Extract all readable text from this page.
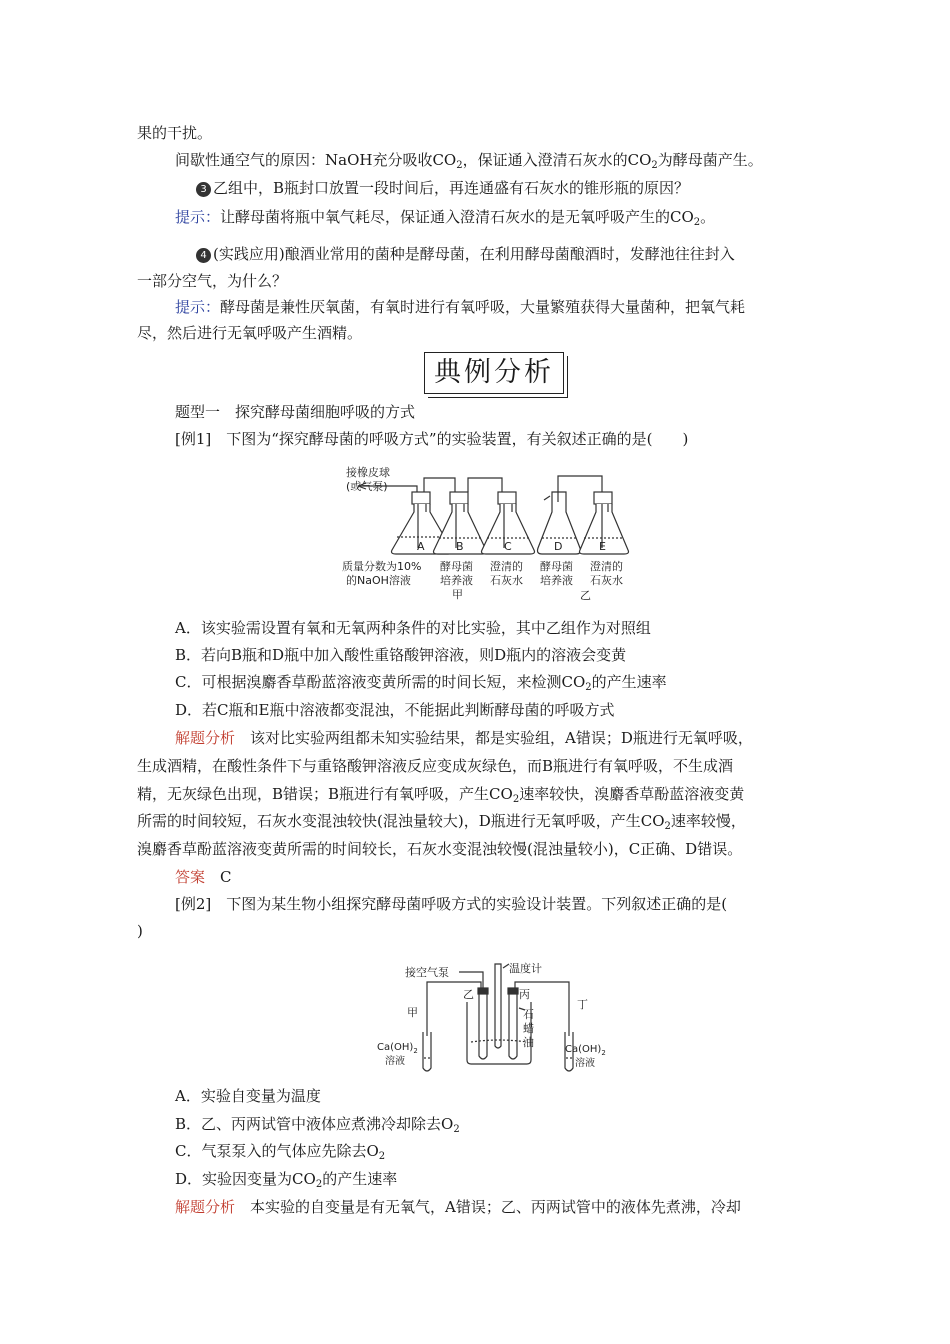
果的干扰。
间歇性通空气的原因：NaOH充分吸收$CO_2$，保证通入澄清石灰水的$CO_2$为酵母菌产生。
3 乙组中，B瓶封口放置一段时间后，再连通盛有石灰水的锥形瓶的原因？
提示：让酵母菌将瓶中氧气耗尽，保证通入澄清石灰水的是无氧呼吸产生的$CO_2$。
4 (实践应用)酿酒业常用的菌种是酵母菌，在利用酵母菌酿酒时，发酵池往往封入
一部分空气，为什么？
提示：酵母菌是兼性厌氧菌，有氧时进行有氧呼吸，大量繁殖获得大量菌种，把氧气耗
尽，然后进行无氧呼吸产生酒精。
典例分析
题型一　探究酵母菌细胞呼吸的方式
[例1]　下图为“探究酵母菌的呼吸方式”的实验装置，有关叙述正确的是(　　)
接橡皮球
(或气泵)
A	B	C	D	E
质量分数为10%
的NaOH溶液
酵母菌
培养液
甲
澄清的
石灰水
酵母菌
培养液
澄清的
石灰水
乙
A．该实验需设置有氧和无氧两种条件的对比实验，其中乙组作为对照组
B．若向B瓶和D瓶中加入酸性重铬酸钾溶液，则D瓶内的溶液会变黄
C．可根据溴麝香草酚蓝溶液变黄所需的时间长短，来检测$CO_2$的产生速率
D．若C瓶和E瓶中溶液都变混浊，不能据此判断酵母菌的呼吸方式
解题分析　 该对比实验两组都未知实验结果，都是实验组，A错误；D瓶进行无氧呼吸，
生成酒精，在酸性条件下与重铬酸钾溶液反应变成灰绿色，而B瓶进行有氧呼吸，不生成酒
精，无灰绿色出现，B错误；B瓶进行有氧呼吸，产生$CO_2$速率较快，溴麝香草酚蓝溶液变黄
所需的时间较短，石灰水变混浊较快(混浊量较大)，D瓶进行无氧呼吸，产生$CO_2$速率较慢，
溴麝香草酚蓝溶液变黄所需的时间较长，石灰水变混浊较慢(混浊量较小)，C正确、D错误。
答案　 C
[例2]　下图为某生物小组探究酵母菌呼吸方式的实验设计装置。下列叙述正确的是(
)
接空气泵	温度计
乙	丙
甲
丁
石
蜡
油
$Ca(OH)_2$
溶液
$Ca(OH)_2$
溶液
A．实验自变量为温度
B．乙、丙两试管中液体应煮沸冷却除去$O_2$
C．气泵泵入的气体应先除去$O_2$
D．实验因变量为$CO_2$的产生速率
解题分析　 本实验的自变量是有无氧气，A错误；乙、丙两试管中的液体先煮沸，冷却
